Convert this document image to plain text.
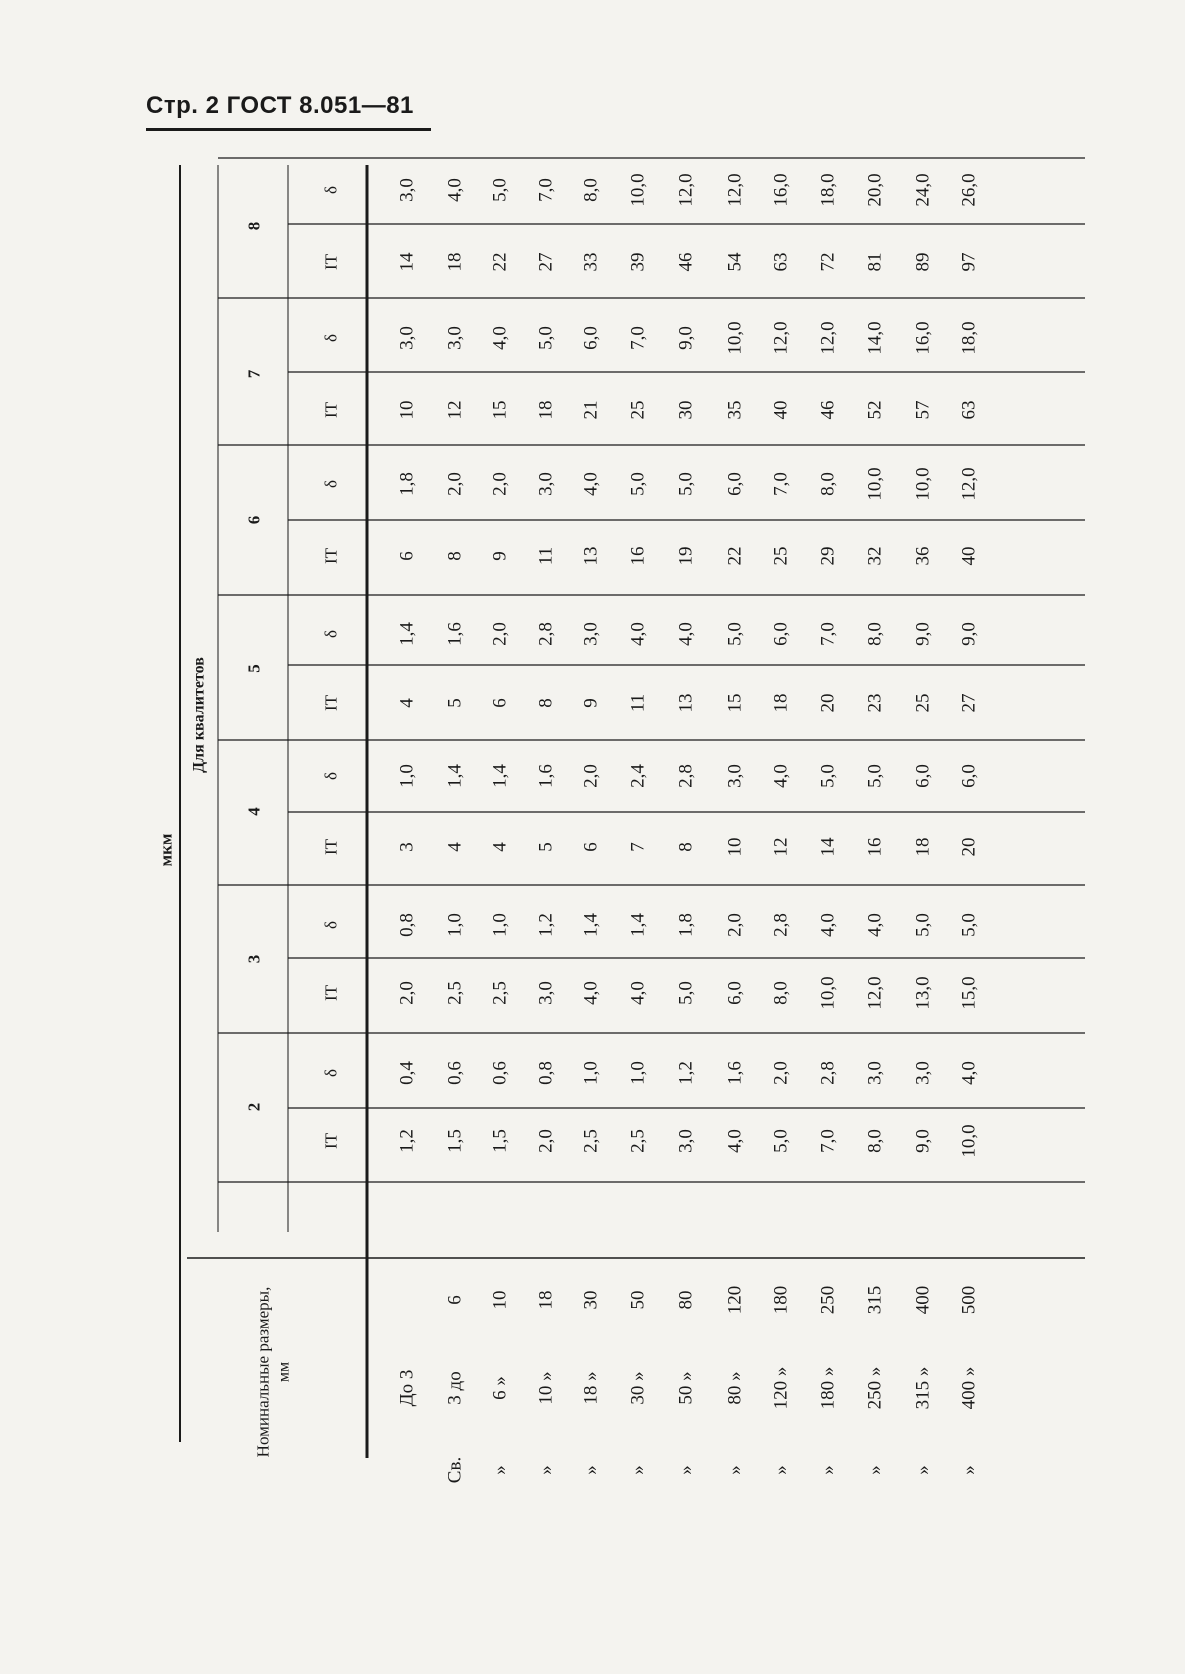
Стр. 2 ГОСТ 8.051—81
мкм
Для квалитетов
Номинальные размеры, мм
2
3
4
5
6
7
8
IT
δ
IT
δ
IT
δ
IT
δ
IT
δ
IT
δ
IT
δ
1,2
0,4
2,0
0,8
3
1,0
4
1,4
6
1,8
10
3,0
14
3,0
До 3
1,5
0,6
2,5
1,0
4
1,4
5
1,6
8
2,0
12
3,0
18
4,0
Св.
3 до
6
1,5
0,6
2,5
1,0
4
1,4
6
2,0
9
2,0
15
4,0
22
5,0
»
6 »
10
2,0
0,8
3,0
1,2
5
1,6
8
2,8
11
3,0
18
5,0
27
7,0
»
10 »
18
2,5
1,0
4,0
1,4
6
2,0
9
3,0
13
4,0
21
6,0
33
8,0
»
18 »
30
2,5
1,0
4,0
1,4
7
2,4
11
4,0
16
5,0
25
7,0
39
10,0
»
30 »
50
3,0
1,2
5,0
1,8
8
2,8
13
4,0
19
5,0
30
9,0
46
12,0
»
50 »
80
4,0
1,6
6,0
2,0
10
3,0
15
5,0
22
6,0
35
10,0
54
12,0
»
80 »
120
5,0
2,0
8,0
2,8
12
4,0
18
6,0
25
7,0
40
12,0
63
16,0
»
120 »
180
7,0
2,8
10,0
4,0
14
5,0
20
7,0
29
8,0
46
12,0
72
18,0
»
180 »
250
8,0
3,0
12,0
4,0
16
5,0
23
8,0
32
10,0
52
14,0
81
20,0
»
250 »
315
9,0
3,0
13,0
5,0
18
6,0
25
9,0
36
10,0
57
16,0
89
24,0
»
315 »
400
10,0
4,0
15,0
5,0
20
6,0
27
9,0
40
12,0
63
18,0
97
26,0
»
400 »
500
